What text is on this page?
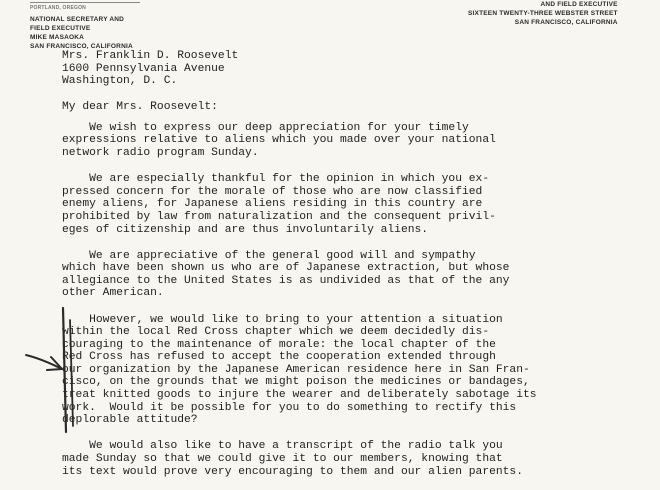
PORTLAND, OREGON
NATIONAL SECRETARY AND
FIELD EXECUTIVE
MIKE MASAOKA
SAN FRANCISCO, CALIFORNIA
AND FIELD EXECUTIVE
SIXTEEN TWENTY-THREE WEBSTER STREET
SAN FRANCISCO, CALIFORNIA
Mrs. Franklin D. Roosevelt
1600 Pennsylvania Avenue
Washington, D. C.
My dear Mrs. Roosevelt:
We wish to express our deep appreciation for your timely
expressions relative to aliens which you made over your national
network radio program Sunday.
We are especially thankful for the opinion in which you ex-
pressed concern for the morale of those who are now classified
enemy aliens, for Japanese aliens residing in this country are
prohibited by law from naturalization and the consequent privil-
eges of citizenship and are thus involuntarily aliens.
We are appreciative of the general good will and sympathy
which have been shown us who are of Japanese extraction, but whose
allegiance to the United States is as undivided as that of the any
other American.
However, we would like to bring to your attention a situation
within the local Red Cross chapter which we deem decidedly dis-
couraging to the maintenance of morale: the local chapter of the
Red Cross has refused to accept the cooperation extended through
our organization by the Japanese American residence here in San Fran-
cisco, on the grounds that we might poison the medicines or bandages,
treat knitted goods to injure the wearer and deliberately sabotage its
work.  Would it be possible for you to do something to rectify this
deplorable attitude?
We would also like to have a transcript of the radio talk you
made Sunday so that we could give it to our members, knowing that
its text would prove very encouraging to them and our alien parents.
